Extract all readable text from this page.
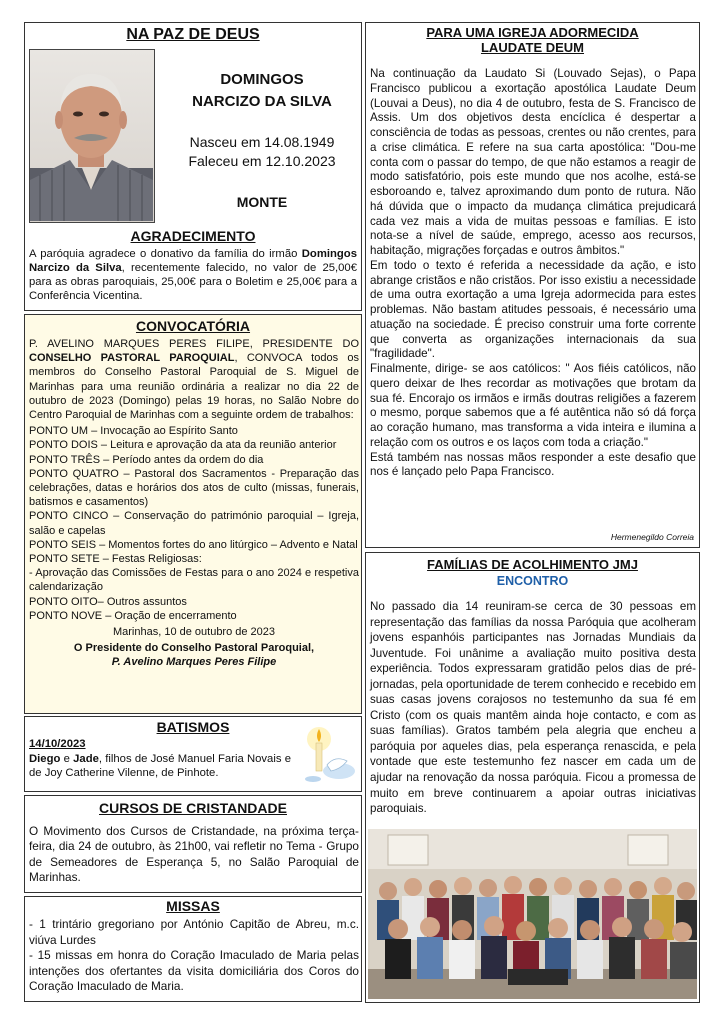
NA PAZ DE DEUS
DOMINGOS
NARCIZO DA SILVA
Nasceu em 14.08.1949
Faleceu em 12.10.2023
MONTE
AGRADECIMENTO
A paróquia agradece o donativo da família do irmão Domingos Narcizo da Silva, recentemente falecido, no valor de 25,00€ para as obras paroquiais, 25,00€ para o Boletim e 25,00€ para a Conferência Vicentina.
CONVOCATÓRIA

P. AVELINO MARQUES PERES FILIPE, PRESIDENTE DO CONSELHO PASTORAL PAROQUIAL, CONVOCA todos os membros do Conselho Pastoral Paroquial de S. Miguel de Marinhas para uma reunião ordinária a realizar no dia 22 de outubro de 2023 (Domingo) pelas 19 horas, no Salão Nobre do Centro Paroquial de Marinhas com a seguinte ordem de trabalhos:

PONTO UM – Invocação ao Espírito Santo

PONTO DOIS – Leitura e aprovação da ata da reunião anterior

PONTO TRÊS – Período antes da ordem do dia

PONTO QUATRO – Pastoral dos Sacramentos - Preparação das celebrações, datas e horários dos atos de culto (missas, funerais, batismos e casamentos)

PONTO CINCO – Conservação do património paroquial – Igreja, salão e capelas

PONTO SEIS – Momentos fortes do ano litúrgico – Advento e Natal

PONTO SETE – Festas Religiosas:

- Aprovação das Comissões de Festas para o ano 2024 e respetiva calendarização

PONTO OITO– Outros assuntos

PONTO NOVE – Oração de encerramento

Marinhas, 10 de outubro de 2023

O Presidente do Conselho Pastoral Paroquial,

P. Avelino Marques Peres Filipe

BATISMOS
14/10/2023
Diego e Jade, filhos de José Manuel Faria Novais e de Joy Catherine Vilenne, de Pinhote.
CURSOS DE CRISTANDADE
O Movimento dos Cursos de Cristandade, na próxima terça-feira, dia 24 de outubro, às 21h00, vai refletir no Tema - Grupo de Semeadores de Esperança 5, no Salão Paroquial de Marinhas.
MISSAS

- 1 trintário gregoriano por António Capitão de Abreu, m.c. viúva Lurdes

- 15 missas em honra do Coração Imaculado de Maria pelas intenções dos ofertantes da visita domiciliária dos Coros do Coração Imaculado de Maria.

PARA UMA IGREJA ADORMECIDA
LAUDATE DEUM

Na continuação da Laudato Si (Louvado Sejas), o Papa Francisco publicou a exortação apostólica Laudate Deum (Louvai a Deus), no dia 4 de outubro, festa de S. Francisco de Assis. Um dos objetivos desta encíclica é despertar a consciência de todas as pessoas, crentes ou não crentes, para a crise climática. E refere na sua carta apostólica: "Dou-me conta com o passar do tempo, de que não estamos a reagir de modo satisfatório, pois este mundo que nos acolhe, está-se esboroando e, talvez aproximando dum ponto de rutura. Não há dúvida que o impacto da mudança climática prejudicará cada vez mais a vida de muitas pessoas e famílias. E isto nota-se a nível de saúde, emprego, acesso aos recursos, habitação, migrações forçadas e outros âmbitos."

Em todo o texto é referida a necessidade da ação, e isto abrange cristãos e não cristãos. Por isso existiu a necessidade de uma outra exortação a uma Igreja adormecida para estes problemas. Não bastam atitudes pessoais, é necessário uma atuação na sociedade. É preciso construir uma forte corrente que converta as organizações internacionais da sua "fragilidade".

Finalmente, dirige- se aos católicos: " Aos fiéis católicos, não quero deixar de lhes recordar as motivações que brotam da sua fé. Encorajo os irmãos e irmãs doutras religiões a fazerem o mesmo, porque sabemos que a fé autêntica não só dá força ao coração humano, mas transforma a vida inteira e ilumina a relação com os outros e os laços com toda a criação."

Está também nas nossas mãos responder a este desafio que nos é lançado pelo Papa Francisco.

Hermenegildo Correia
FAMÍLIAS DE ACOLHIMENTO JMJ
ENCONTRO
No passado dia 14 reuniram-se cerca de 30 pessoas em representação das famílias da nossa Paróquia que acolheram jovens espanhóis participantes nas Jornadas Mundiais da Juventude. Foi unânime a avaliação muito positiva desta experiência. Todos expressaram gratidão pelos dias de pré-jornadas, pela oportunidade de terem conhecido e recebido em suas casas jovens corajosos no testemunho da sua fé em Cristo (com os quais mantêm ainda hoje contacto, e com as suas famílias). Gratos também pela alegria que encheu a paróquia por aqueles dias, pela esperança renascida, e pela vontade que este testemunho fez nascer em cada um de ajudar na renovação da nossa paróquia. Ficou a promessa de muito em breve continuarem a apoiar outras iniciativas paroquiais.
